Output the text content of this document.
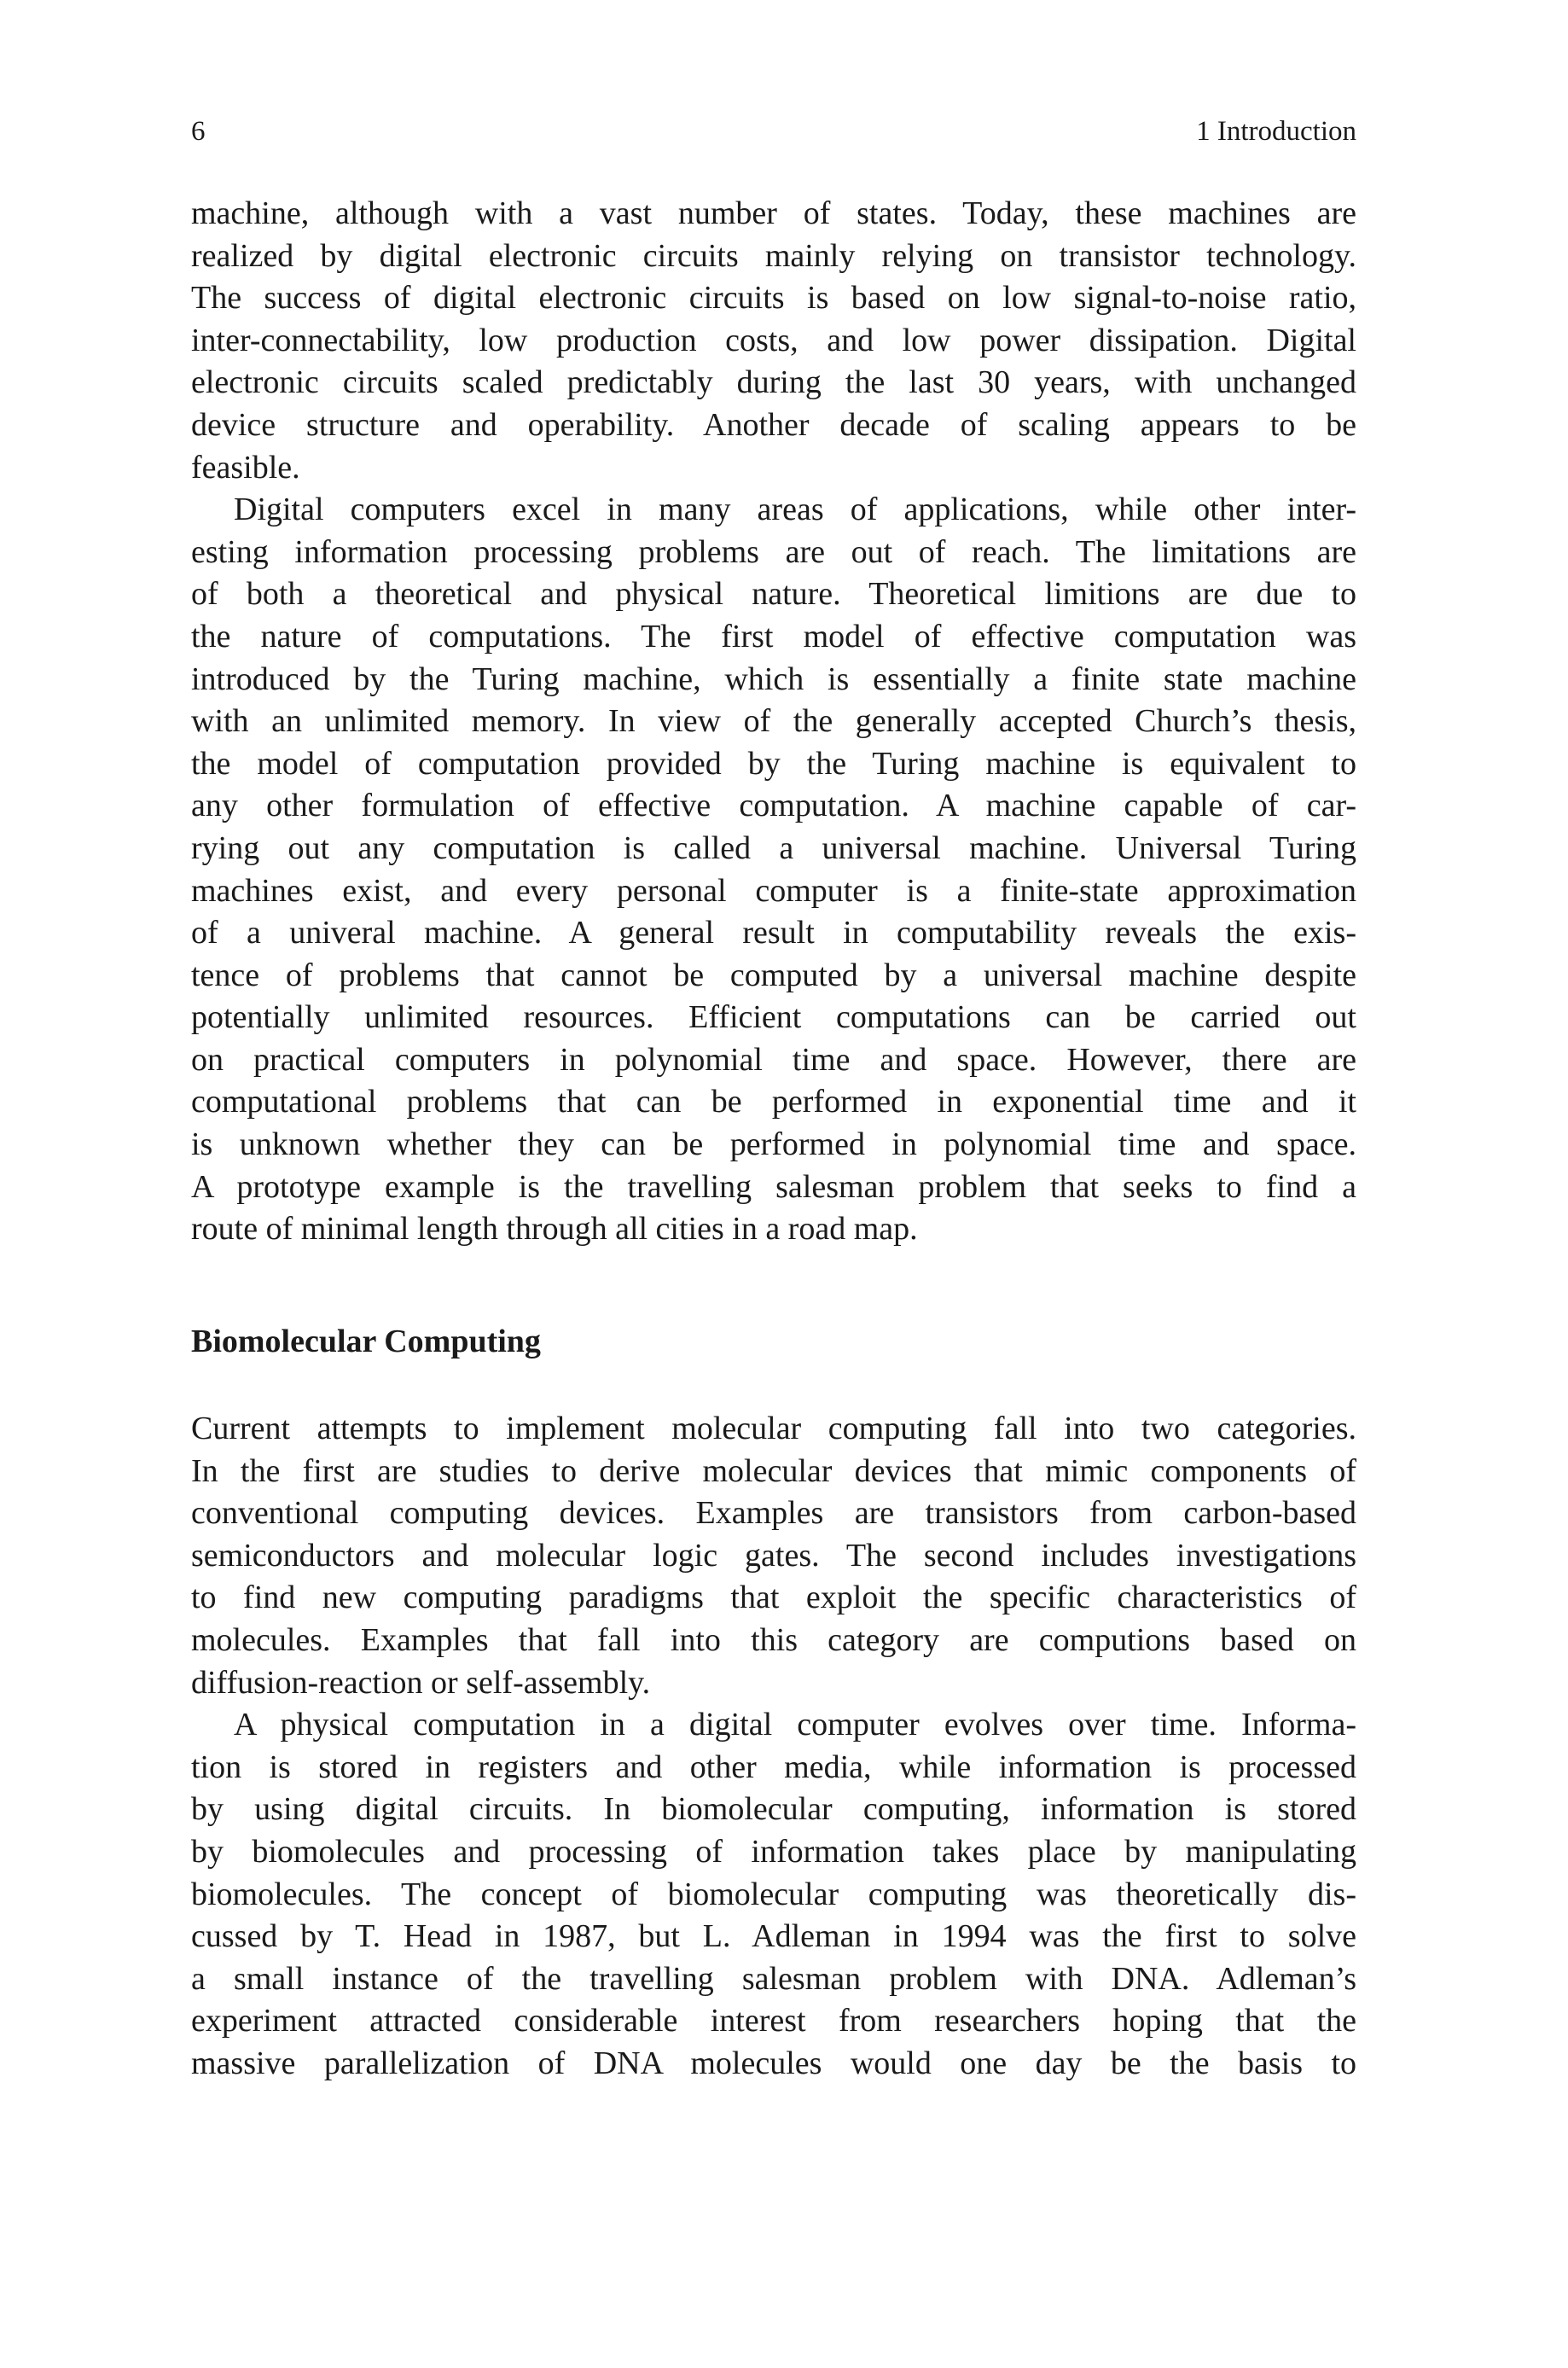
6	1 Introduction
machine, although with a vast number of states. Today, these machines are
realized by digital electronic circuits mainly relying on transistor technology.
The success of digital electronic circuits is based on low signal-to-noise ratio,
inter-connectability, low production costs, and low power dissipation. Digital
electronic circuits scaled predictably during the last 30 years, with unchanged
device structure and operability. Another decade of scaling appears to be
feasible.
Digital computers excel in many areas of applications, while other inter-
esting information processing problems are out of reach. The limitations are
of both a theoretical and physical nature. Theoretical limitions are due to
the nature of computations. The first model of effective computation was
introduced by the Turing machine, which is essentially a finite state machine
with an unlimited memory. In view of the generally accepted Church’s thesis,
the model of computation provided by the Turing machine is equivalent to
any other formulation of effective computation. A machine capable of car-
rying out any computation is called a universal machine. Universal Turing
machines exist, and every personal computer is a finite-state approximation
of a univeral machine. A general result in computability reveals the exis-
tence of problems that cannot be computed by a universal machine despite
potentially unlimited resources. Efficient computations can be carried out
on practical computers in polynomial time and space. However, there are
computational problems that can be performed in exponential time and it
is unknown whether they can be performed in polynomial time and space.
A prototype example is the travelling salesman problem that seeks to find a
route of minimal length through all cities in a road map.
Biomolecular Computing
Current attempts to implement molecular computing fall into two categories.
In the first are studies to derive molecular devices that mimic components of
conventional computing devices. Examples are transistors from carbon-based
semiconductors and molecular logic gates. The second includes investigations
to find new computing paradigms that exploit the specific characteristics of
molecules. Examples that fall into this category are computions based on
diffusion-reaction or self-assembly.
A physical computation in a digital computer evolves over time. Informa-
tion is stored in registers and other media, while information is processed
by using digital circuits. In biomolecular computing, information is stored
by biomolecules and processing of information takes place by manipulating
biomolecules. The concept of biomolecular computing was theoretically dis-
cussed by T. Head in 1987, but L. Adleman in 1994 was the first to solve
a small instance of the travelling salesman problem with DNA. Adleman’s
experiment attracted considerable interest from researchers hoping that the
massive parallelization of DNA molecules would one day be the basis to
